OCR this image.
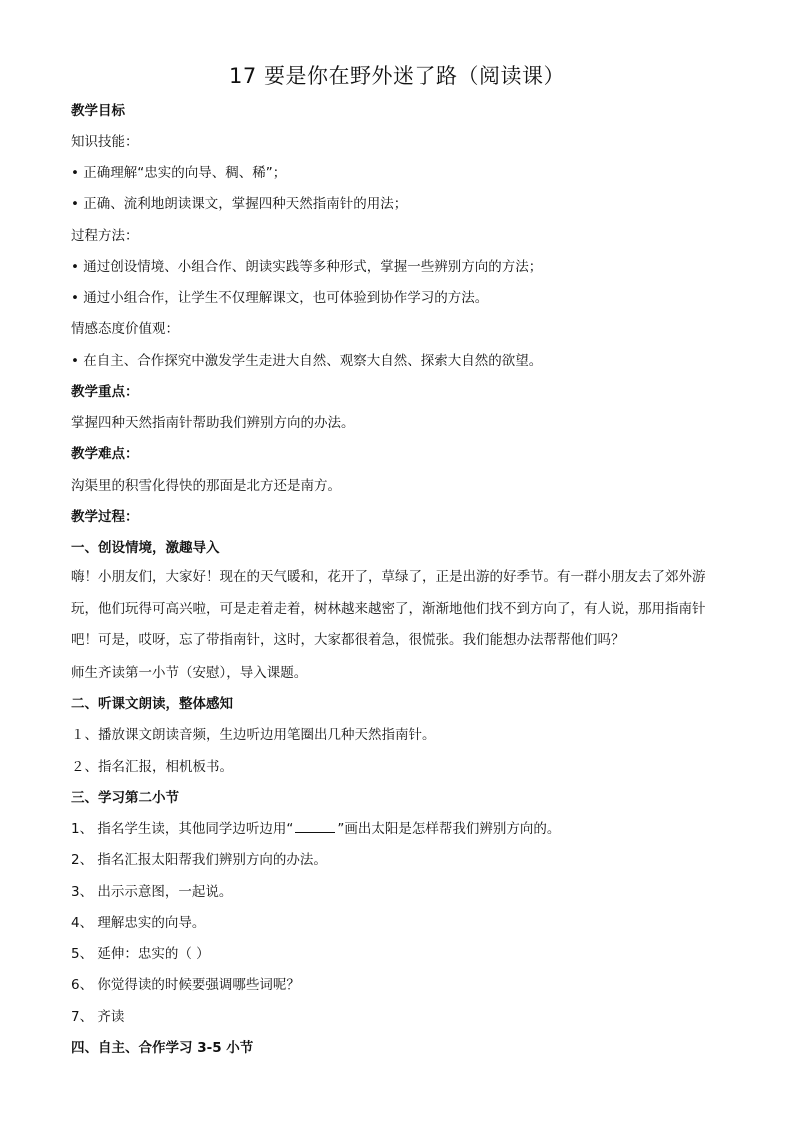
17 要是你在野外迷了路（阅读课）
教学目标
知识技能：
• 正确理解“忠实的向导、稠、稀”；
• 正确、流利地朗读课文，掌握四种天然指南针的用法；
过程方法：
• 通过创设情境、小组合作、朗读实践等多种形式，掌握一些辨别方向的方法；
• 通过小组合作，让学生不仅理解课文，也可体验到协作学习的方法。
情感态度价值观：
• 在自主、合作探究中激发学生走进大自然、观察大自然、探索大自然的欲望。
教学重点：
掌握四种天然指南针帮助我们辨别方向的办法。
教学难点：
沟渠里的积雪化得快的那面是北方还是南方。
教学过程：
一、创设情境，激趣导入
嗨！小朋友们，大家好！现在的天气暖和，花开了，草绿了，正是出游的好季节。有一群小朋友去了郊外游玩，他们玩得可高兴啦，可是走着走着，树林越来越密了，渐渐地他们找不到方向了，有人说，那用指南针吧！可是，哎呀，忘了带指南针，这时，大家都很着急，很慌张。我们能想办法帮帮他们吗？
师生齐读第一小节（安慰），导入课题。
二、听课文朗读，整体感知
１、播放课文朗读音频，生边听边用笔圈出几种天然指南针。
２、指名汇报，相机板书。
三、学习第二小节
1、 指名学生读，其他同学边听边用“	”画出太阳是怎样帮我们辨别方向的。
2、 指名汇报太阳帮我们辨别方向的办法。
3、 出示示意图，一起说。
4、 理解忠实的向导。
5、 延伸：忠实的（ ）
6、 你觉得读的时候要强调哪些词呢？
7、 齐读
四、自主、合作学习 3-5 小节
